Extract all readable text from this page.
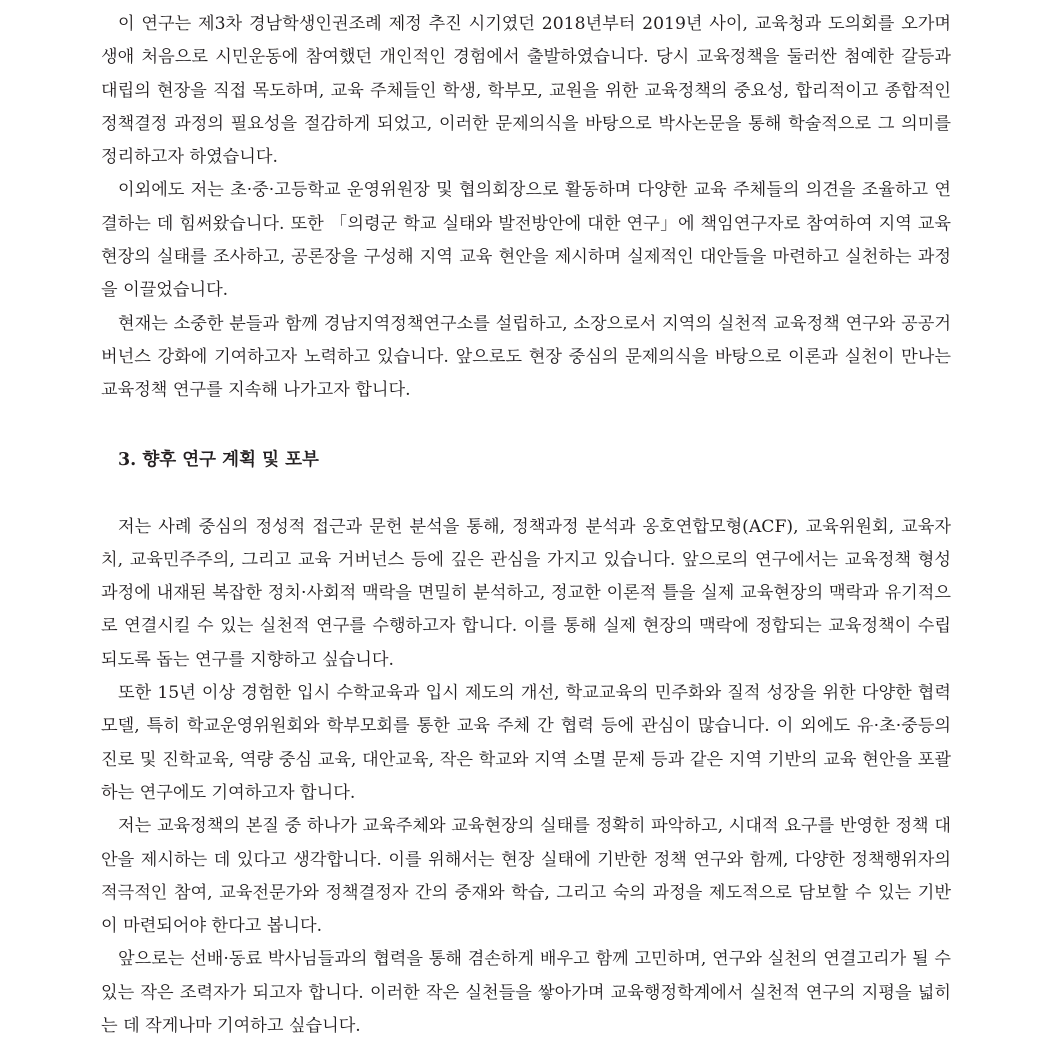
이 연구는 제3차 경남학생인권조례 제정 추진 시기였던 2018년부터 2019년 사이, 교육청과 도의회를 오가며 생애 처음으로 시민운동에 참여했던 개인적인 경험에서 출발하였습니다. 당시 교육정책을 둘러싼 첨예한 갈등과 대립의 현장을 직접 목도하며, 교육 주체들인 학생, 학부모, 교원을 위한 교육정책의 중요성, 합리적이고 종합적인 정책결정 과정의 필요성을 절감하게 되었고, 이러한 문제의식을 바탕으로 박사논문을 통해 학술적으로 그 의미를 정리하고자 하였습니다.

이외에도 저는 초·중·고등학교 운영위원장 및 협의회장으로 활동하며 다양한 교육 주체들의 의견을 조율하고 연결하는 데 힘써왔습니다. 또한 「의령군 학교 실태와 발전방안에 대한 연구」에 책임연구자로 참여하여 지역 교육 현장의 실태를 조사하고, 공론장을 구성해 지역 교육 현안을 제시하며 실제적인 대안들을 마련하고 실천하는 과정을 이끌었습니다.

현재는 소중한 분들과 함께 경남지역정책연구소를 설립하고, 소장으로서 지역의 실천적 교육정책 연구와 공공거버넌스 강화에 기여하고자 노력하고 있습니다. 앞으로도 현장 중심의 문제의식을 바탕으로 이론과 실천이 만나는 교육정책 연구를 지속해 나가고자 합니다.

3. 향후 연구 계획 및 포부

저는 사례 중심의 정성적 접근과 문헌 분석을 통해, 정책과정 분석과 옹호연합모형(ACF), 교육위원회, 교육자치, 교육민주주의, 그리고 교육 거버넌스 등에 깊은 관심을 가지고 있습니다. 앞으로의 연구에서는 교육정책 형성과정에 내재된 복잡한 정치·사회적 맥락을 면밀히 분석하고, 정교한 이론적 틀을 실제 교육현장의 맥락과 유기적으로 연결시킬 수 있는 실천적 연구를 수행하고자 합니다. 이를 통해 실제 현장의 맥락에 정합되는 교육정책이 수립되도록 돕는 연구를 지향하고 싶습니다.

또한 15년 이상 경험한 입시 수학교육과 입시 제도의 개선, 학교교육의 민주화와 질적 성장을 위한 다양한 협력모델, 특히 학교운영위원회와 학부모회를 통한 교육 주체 간 협력 등에 관심이 많습니다. 이 외에도 유·초·중등의 진로 및 진학교육, 역량 중심 교육, 대안교육, 작은 학교와 지역 소멸 문제 등과 같은 지역 기반의 교육 현안을 포괄하는 연구에도 기여하고자 합니다.

저는 교육정책의 본질 중 하나가 교육주체와 교육현장의 실태를 정확히 파악하고, 시대적 요구를 반영한 정책 대안을 제시하는 데 있다고 생각합니다. 이를 위해서는 현장 실태에 기반한 정책 연구와 함께, 다양한 정책행위자의 적극적인 참여, 교육전문가와 정책결정자 간의 중재와 학습, 그리고 숙의 과정을 제도적으로 담보할 수 있는 기반이 마련되어야 한다고 봅니다.

앞으로는 선배·동료 박사님들과의 협력을 통해 겸손하게 배우고 함께 고민하며, 연구와 실천의 연결고리가 될 수 있는 작은 조력자가 되고자 합니다. 이러한 작은 실천들을 쌓아가며 교육행정학계에서 실천적 연구의 지평을 넓히는 데 작게나마 기여하고 싶습니다.
